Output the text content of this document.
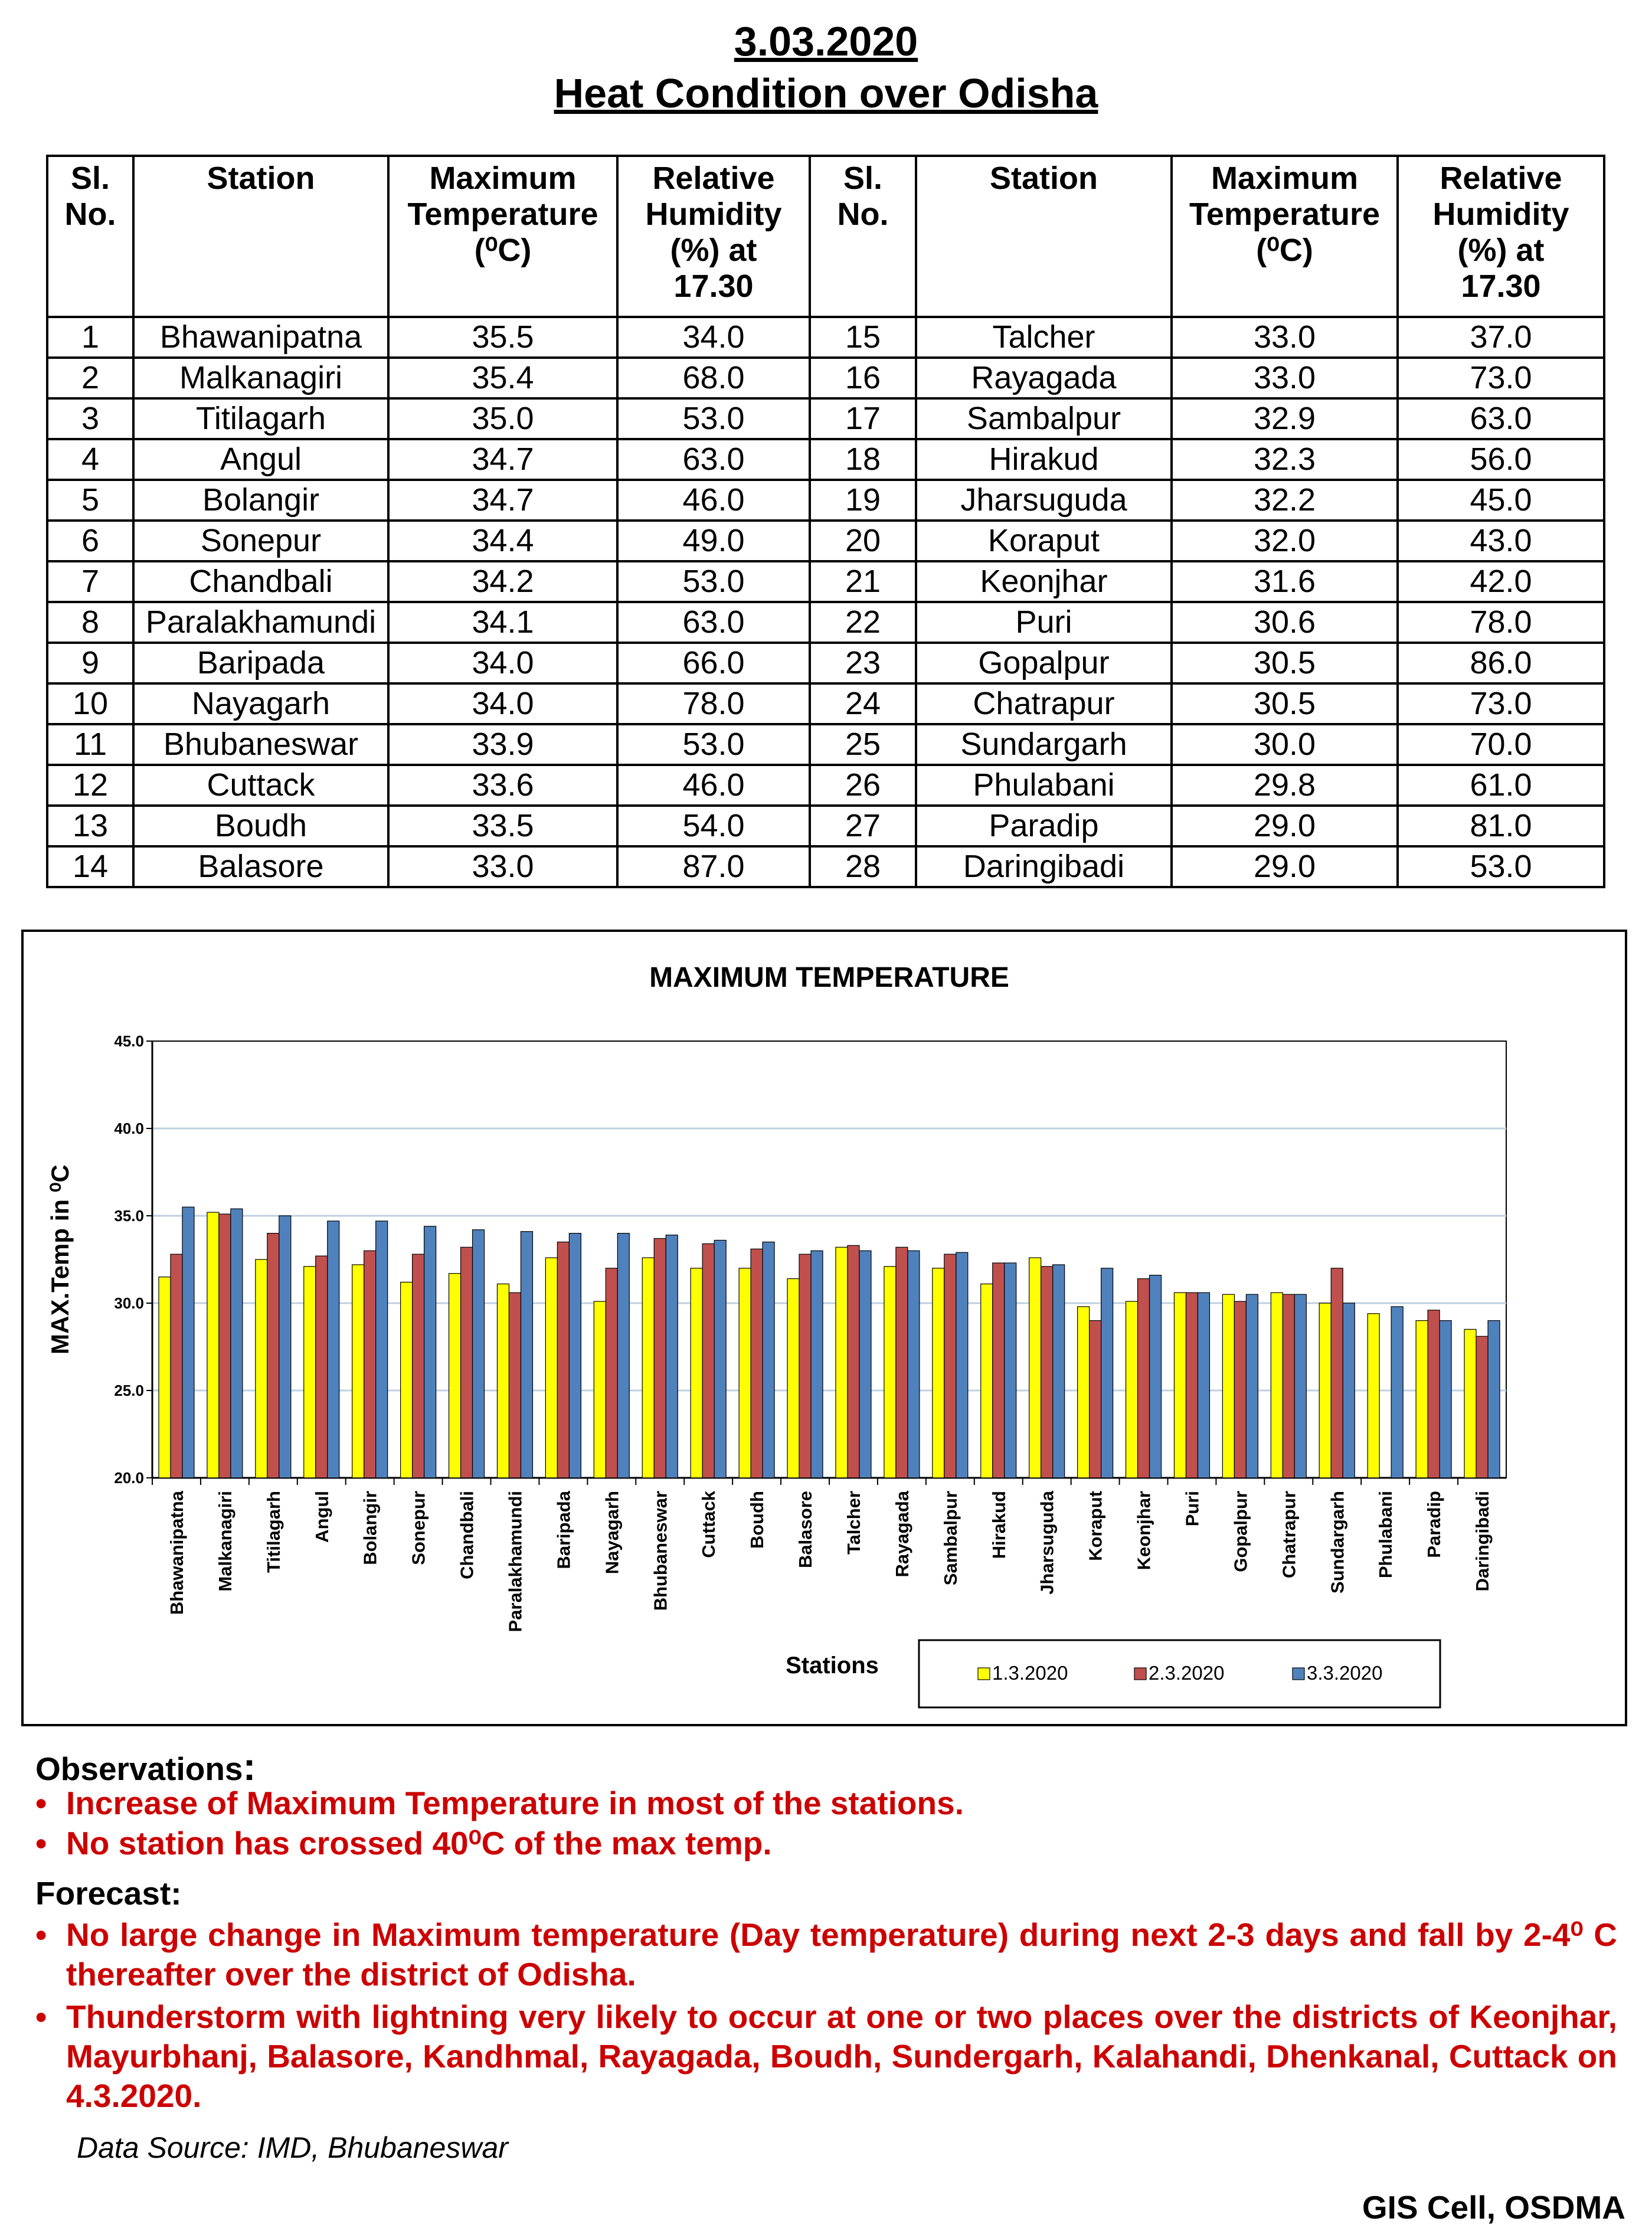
3.03.2020
Heat Condition over Odisha
Sl.
No.	Station	Maximum
Temperature
(⁰C)	Relative
Humidity
(%) at
17.30	Sl.
No.	Station	Maximum
Temperature
(⁰C)	Relative
Humidity
(%) at
17.30
1	Bhawanipatna	35.5	34.0	15	Talcher	33.0	37.0
2	Malkanagiri	35.4	68.0	16	Rayagada	33.0	73.0
3	Titilagarh	35.0	53.0	17	Sambalpur	32.9	63.0
4	Angul	34.7	63.0	18	Hirakud	32.3	56.0
5	Bolangir	34.7	46.0	19	Jharsuguda	32.2	45.0
6	Sonepur	34.4	49.0	20	Koraput	32.0	43.0
7	Chandbali	34.2	53.0	21	Keonjhar	31.6	42.0
8	Paralakhamundi	34.1	63.0	22	Puri	30.6	78.0
9	Baripada	34.0	66.0	23	Gopalpur	30.5	86.0
10	Nayagarh	34.0	78.0	24	Chatrapur	30.5	73.0
11	Bhubaneswar	33.9	53.0	25	Sundargarh	30.0	70.0
12	Cuttack	33.6	46.0	26	Phulabani	29.8	61.0
13	Boudh	33.5	54.0	27	Paradip	29.0	81.0
14	Balasore	33.0	87.0	28	Daringibadi	29.0	53.0
20.0
25.0
30.0
35.0
40.0
45.0
Bhawanipatna Malkanagiri Titilagarh Angul Bolangir Sonepur Chandbali Paralakhamundi Baripada Nayagarh Bhubaneswar Cuttack Boudh Balasore Talcher Rayagada Sambalpur Hirakud Jharsuguda Koraput Keonjhar Puri Gopalpur Chatrapur Sundargarh Phulabani Paradip Daringibadi
MAXIMUM TEMPERATURE
MAX.Temp in ⁰C
Stations	1.3.2020	2.3.2020	3.3.2020
Observations:
• Increase of Maximum Temperature in most of the stations.
• No station has crossed 40⁰C of the max temp.
Forecast:
• No large change in Maximum temperature (Day temperature) during next 2-3 days and fall by 2-4⁰ C thereafter over the district of Odisha.
• Thunderstorm with lightning very likely to occur at one or two places over the districts of Keonjhar, Mayurbhanj, Balasore, Kandhmal, Rayagada, Boudh, Sundergarh, Kalahandi, Dhenkanal, Cuttack on 4.3.2020.
Data Source: IMD, Bhubaneswar
GIS Cell, OSDMA
